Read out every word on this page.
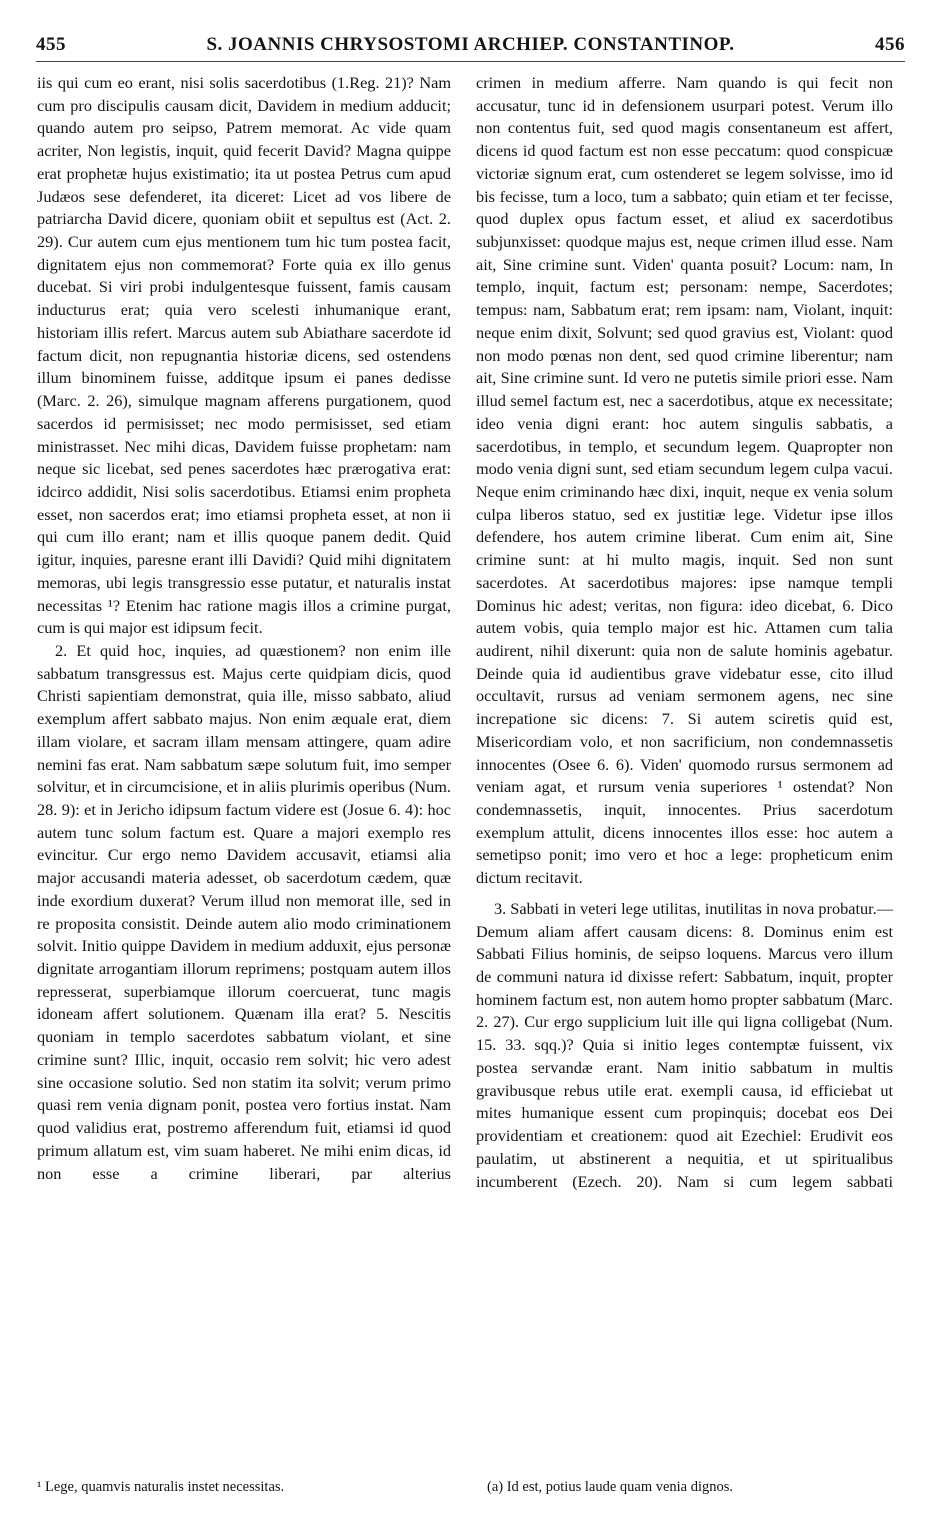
455	S. JOANNIS CHRYSOSTOMI ARCHIEP. CONSTANTINOP.	456

iis qui cum eo erant, nisi solis sacerdotibus (1.Reg. 21)? Nam cum pro discipulis causam dicit, Davidem in medium adducit; quando autem pro seipso, Patrem memorat. Ac vide quam acriter, Non legistis, inquit, quid fecerit David? Magna quippe erat prophetæ hujus existimatio; ita ut postea Petrus cum apud Judæos sese defenderet, ita diceret: Licet ad vos libere de patriarcha David dicere, quoniam obiit et sepultus est (Act. 2. 29). Cur autem cum ejus mentionem tum hic tum postea facit, dignitatem ejus non commemorat? Forte quia ex illo genus ducebat. Si viri probi indulgentesque fuissent, famis causam inducturus erat; quia vero scelesti inhumanique erant, historiam illis refert. Marcus autem sub Abiathare sacerdote id factum dicit, non repugnantia historiæ dicens, sed ostendens illum binominem fuisse, additque ipsum ei panes dedisse (Marc. 2. 26), simulque magnam afferens purgationem, quod sacerdos id permisisset; nec modo permisisset, sed etiam ministrasset. Nec mihi dicas, Davidem fuisse prophetam: nam neque sic licebat, sed penes sacerdotes hæc prærogativa erat: idcirco addidit, Nisi solis sacerdotibus. Etiamsi enim propheta esset, non sacerdos erat; imo etiamsi propheta esset, at non ii qui cum illo erant; nam et illis quoque panem dedit. Quid igitur, inquies, paresne erant illi Davidi? Quid mihi dignitatem memoras, ubi legis transgressio esse putatur, et naturalis instat necessitas ¹? Etenim hac ratione magis illos a crimine purgat, cum is qui major est idipsum fecit.

2. Et quid hoc, inquies, ad quæstionem? non enim ille sabbatum transgressus est. Majus certe quidpiam dicis, quod Christi sapientiam demonstrat, quia ille, misso sabbato, aliud exemplum affert sabbato majus. Non enim æquale erat, diem illam violare, et sacram illam mensam attingere, quam adire nemini fas erat. Nam sabbatum sæpe solutum fuit, imo semper solvitur, et in circumcisione, et in aliis plurimis operibus (Num. 28. 9): et in Jericho idipsum factum videre est (Josue 6. 4): hoc autem tunc solum factum est. Quare a majori exemplo res evincitur. Cur ergo nemo Davidem accusavit, etiamsi alia major accusandi materia adesset, ob sacerdotum cædem, quæ inde exordium duxerat? Verum illud non memorat ille, sed in re proposita consistit. Deinde autem alio modo criminationem solvit. Initio quippe Davidem in medium adduxit, ejus personæ dignitate arrogantiam illorum reprimens; postquam autem illos represserat, superbiamque illorum coercuerat, tunc magis idoneam affert solutionem. Quænam illa erat? 5. Nescitis quoniam in templo sacerdotes sabbatum violant, et sine crimine sunt? Illic, inquit, occasio rem solvit; hic vero adest sine occasione solutio. Sed non statim ita solvit; verum primo quasi rem venia dignam ponit, postea vero fortius instat. Nam quod validius erat, postremo afferendum fuit, etiamsi id quod primum allatum est, vim suam haberet. Ne mihi enim dicas, id non esse a crimine liberari, par alterius

crimen in medium afferre. Nam quando is qui fecit non accusatur, tunc id in defensionem usurpari potest. Verum illo non contentus fuit, sed quod magis consentaneum est affert, dicens id quod factum est non esse peccatum: quod conspicuæ victoriæ signum erat, cum ostenderet se legem solvisse, imo id bis fecisse, tum a loco, tum a sabbato; quin etiam et ter fecisse, quod duplex opus factum esset, et aliud ex sacerdotibus subjunxisset: quodque majus est, neque crimen illud esse. Nam ait, Sine crimine sunt. Viden' quanta posuit? Locum: nam, In templo, inquit, factum est; personam: nempe, Sacerdotes; tempus: nam, Sabbatum erat; rem ipsam: nam, Violant, inquit: neque enim dixit, Solvunt; sed quod gravius est, Violant: quod non modo pœnas non dent, sed quod crimine liberentur; nam ait, Sine crimine sunt. Id vero ne putetis simile priori esse. Nam illud semel factum est, nec a sacerdotibus, atque ex necessitate; ideo venia digni erant: hoc autem singulis sabbatis, a sacerdotibus, in templo, et secundum legem. Quapropter non modo venia digni sunt, sed etiam secundum legem culpa vacui. Neque enim criminando hæc dixi, inquit, neque ex venia solum culpa liberos statuo, sed ex justitiæ lege. Videtur ipse illos defendere, hos autem crimine liberat. Cum enim ait, Sine crimine sunt: at hi multo magis, inquit. Sed non sunt sacerdotes. At sacerdotibus majores: ipse namque templi Dominus hic adest; veritas, non figura: ideo dicebat, 6. Dico autem vobis, quia templo major est hic. Attamen cum talia audirent, nihil dixerunt: quia non de salute hominis agebatur. Deinde quia id audientibus grave videbatur esse, cito illud occultavit, rursus ad veniam sermonem agens, nec sine increpatione sic dicens: 7. Si autem sciretis quid est, Misericordiam volo, et non sacrificium, non condemnassetis innocentes (Osee 6. 6). Viden' quomodo rursus sermonem ad veniam agat, et rursum venia superiores ¹ ostendat? Non condemnassetis, inquit, innocentes. Prius sacerdotum exemplum attulit, dicens innocentes illos esse: hoc autem a semetipso ponit; imo vero et hoc a lege: propheticum enim dictum recitavit.

3. Sabbati in veteri lege utilitas, inutilitas in nova probatur.—Demum aliam affert causam dicens: 8. Dominus enim est Sabbati Filius hominis, de seipso loquens. Marcus vero illum de communi natura id dixisse refert: Sabbatum, inquit, propter hominem factum est, non autem homo propter sabbatum (Marc. 2. 27). Cur ergo supplicium luit ille qui ligna colligebat (Num. 15. 33. sqq.)? Quia si initio leges contemptæ fuissent, vix postea servandæ erant. Nam initio sabbatum in multis gravibusque rebus utile erat. exempli causa, id efficiebat ut mites humanique essent cum propinquis; docebat eos Dei providentiam et creationem: quod ait Ezechiel: Erudivit eos paulatim, ut abstinerent a nequitia, et ut spiritualibus incumberent (Ezech. 20). Nam si cum legem sabbati

¹ Lege, quamvis naturalis instet necessitas.	(a) Id est, potius laude quam venia dignos.
